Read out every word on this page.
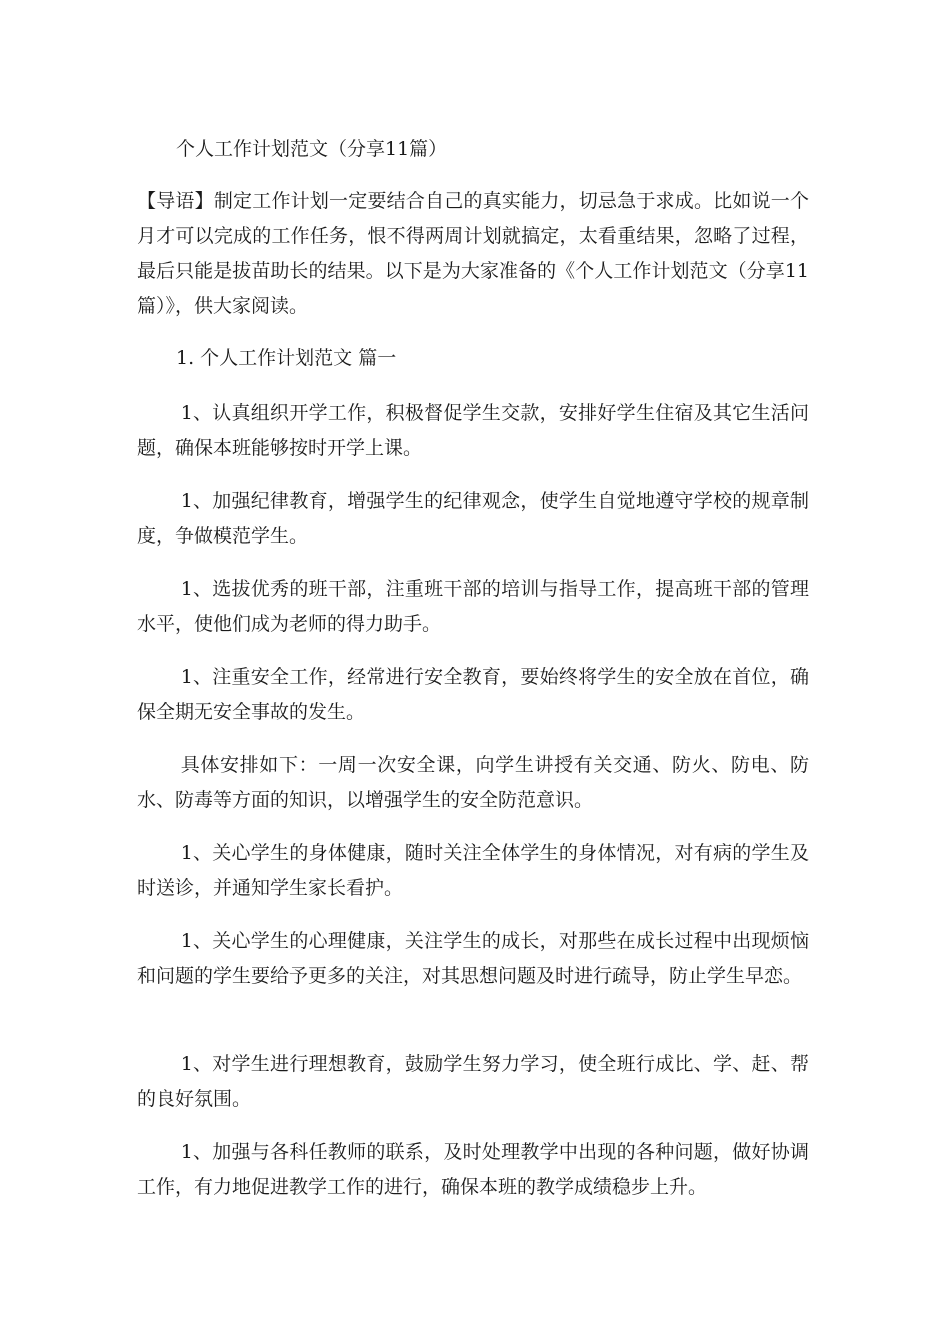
个人工作计划范文（分享11篇）

【导语】制定工作计划一定要结合自己的真实能力，切忌急于求成。比如说一个月才可以完成的工作任务，恨不得两周计划就搞定，太看重结果，忽略了过程，最后只能是拔苗助长的结果。以下是为大家准备的《个人工作计划范文（分享11篇）》，供大家阅读。

1. 个人工作计划范文 篇一

1、认真组织开学工作，积极督促学生交款，安排好学生住宿及其它生活问题，确保本班能够按时开学上课。

1、加强纪律教育，增强学生的纪律观念，使学生自觉地遵守学校的规章制度，争做模范学生。

1、选拔优秀的班干部，注重班干部的培训与指导工作，提高班干部的管理水平，使他们成为老师的得力助手。

1、注重安全工作，经常进行安全教育，要始终将学生的安全放在首位，确保全期无安全事故的发生。

具体安排如下：一周一次安全课，向学生讲授有关交通、防火、防电、防水、防毒等方面的知识，以增强学生的安全防范意识。

1、关心学生的身体健康，随时关注全体学生的身体情况，对有病的学生及时送诊，并通知学生家长看护。

1、关心学生的心理健康，关注学生的成长，对那些在成长过程中出现烦恼和问题的学生要给予更多的关注，对其思想问题及时进行疏导，防止学生早恋。

1、对学生进行理想教育，鼓励学生努力学习，使全班行成比、学、赶、帮的良好氛围。

1、加强与各科任教师的联系，及时处理教学中出现的各种问题，做好协调工作，有力地促进教学工作的进行，确保本班的教学成绩稳步上升。
